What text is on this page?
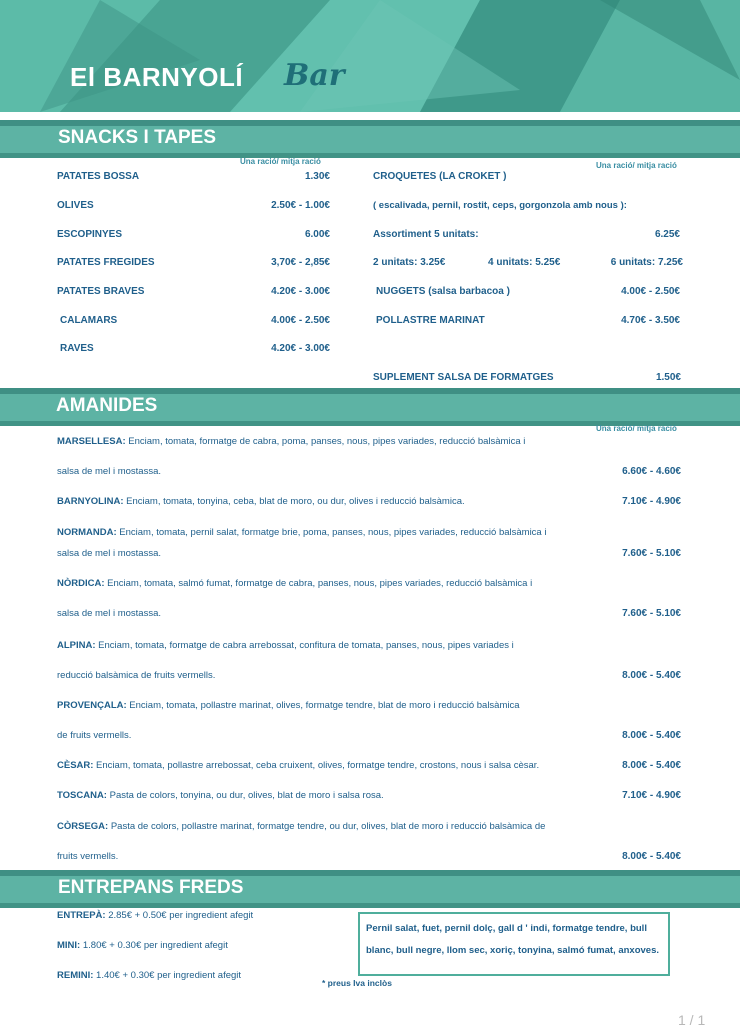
El BARNYOLÍ Bar
SNACKS I TAPES
Una ració/ mitja ració	Una ració/ mitja ració
PATATES BOSSA	1.30€
OLIVES	2.50€ - 1.00€
ESCOPINYES	6.00€
PATATES FREGIDES	3,70€ - 2,85€
PATATES BRAVES	4.20€ - 3.00€
CALAMARS	4.00€ - 2.50€
RAVES	4.20€ - 3.00€
CROQUETES (LA CROKET )
( escalivada, pernil, rostit, ceps, gorgonzola amb nous ):
Assortiment 5 unitats:	6.25€
2 unitats: 3.25€	4 unitats: 5.25€	6 unitats: 7.25€
NUGGETS (salsa barbacoa )	4.00€ - 2.50€
POLLASTRE MARINAT	4.70€ - 3.50€
SUPLEMENT SALSA DE FORMATGES	1.50€
AMANIDES
Una ració/ mitja ració
MARSELLESA: Enciam, tomata, formatge de cabra, poma, panses, nous, pipes variades, reducció balsàmica i
salsa de mel i mostassa.	6.60€ - 4.60€
BARNYOLINA: Enciam, tomata, tonyina, ceba, blat de moro, ou dur, olives i reducció balsàmica.	7.10€ - 4.90€
NORMANDA: Enciam, tomata, pernil salat, formatge brie, poma, panses, nous, pipes variades, reducció balsàmica i
salsa de mel i mostassa.	7.60€ - 5.10€
NÒRDICA: Enciam, tomata, salmó fumat, formatge de cabra, panses, nous, pipes variades, reducció balsàmica i
salsa de mel i mostassa.	7.60€ - 5.10€
ALPINA: Enciam, tomata, formatge de cabra arrebossat, confitura de tomata, panses, nous, pipes variades i
reducció balsàmica de fruits vermells.	8.00€ - 5.40€
PROVENÇALA: Enciam, tomata, pollastre marinat, olives, formatge tendre, blat de moro i reducció balsàmica
de fruits vermells.	8.00€ - 5.40€
CÈSAR: Enciam, tomata, pollastre arrebossat, ceba cruixent, olives, formatge tendre, crostons, nous i salsa cèsar.	8.00€ - 5.40€
TOSCANA: Pasta de colors, tonyina, ou dur, olives, blat de moro i salsa rosa.	7.10€ - 4.90€
CÒRSEGA: Pasta de colors, pollastre marinat, formatge tendre, ou dur, olives, blat de moro i reducció balsàmica de
fruits vermells.	8.00€ - 5.40€
ENTREPANS FREDS
ENTREPÀ: 2.85€ + 0.50€ per ingredient afegit
MINI: 1.80€ + 0.30€ per ingredient afegit
REMINI: 1.40€ + 0.30€ per ingredient afegit
Pernil salat, fuet, pernil dolç, gall d ' indi, formatge tendre, bull
blanc, bull negre, llom sec, xoriç, tonyina, salmó fumat, anxoves.
* preus Iva inclòs
1 / 1
